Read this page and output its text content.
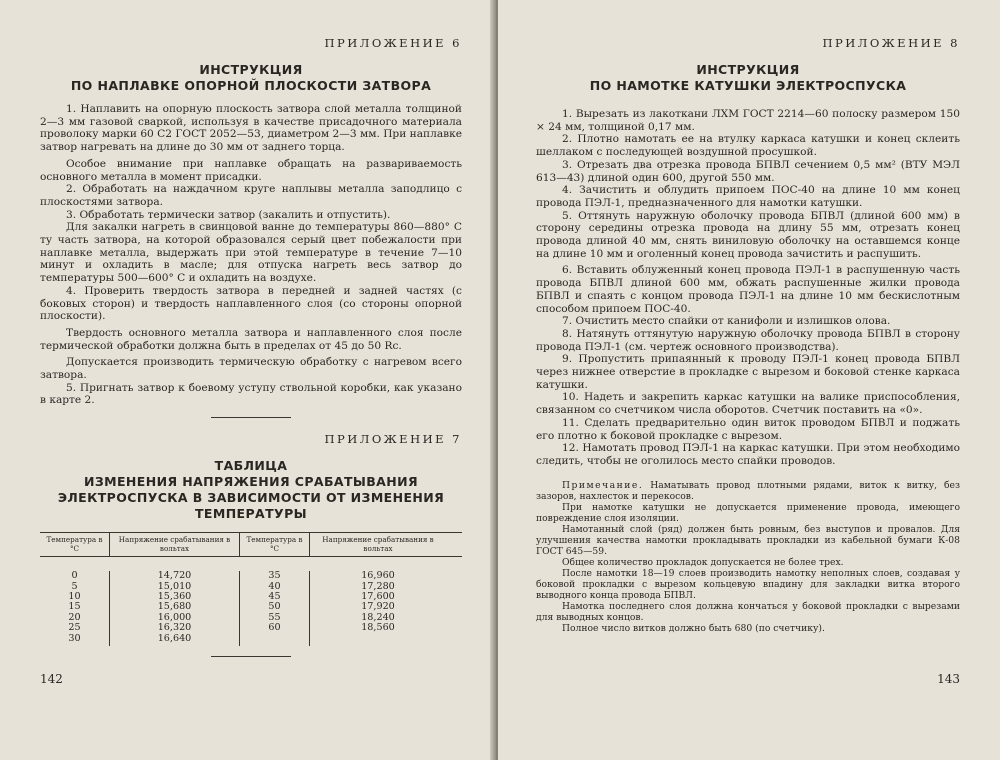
ПРИЛОЖЕНИЕ 6
ИНСТРУКЦИЯ
ПО НАПЛАВКЕ ОПОРНОЙ ПЛОСКОСТИ ЗАТВОРА

1. Наплавить на опорную плоскость затвора слой металла толщиной 2—3 мм газовой сваркой, используя в качестве присадочного материала проволоку марки 60 С2 ГОСТ 2052—53, диаметром 2—3 мм. При наплавке затвор нагревать на длине до 30 мм от заднего торца.

Особое внимание при наплавке обращать на развариваемость основного металла в момент присадки.

2. Обработать на наждачном круге наплывы металла заподлицо с плоскостями затвора.

3. Обработать термически затвор (закалить и отпустить).

Для закалки нагреть в свинцовой ванне до температуры 860—880° С ту часть затвора, на которой образовался серый цвет побежалости при наплавке металла, выдержать при этой температуре в течение 7—10 минут и охладить в масле; для отпуска нагреть весь затвор до температуры 500—600° С и охладить на воздухе.

4. Проверить твердость затвора в передней и задней частях (с боковых сторон) и твердость наплавленного слоя (со стороны опорной плоскости).

Твердость основного металла затвора и наплавленного слоя после термической обработки должна быть в пределах от 45 до 50 Rc.

Допускается производить термическую обработку с нагревом всего затвора.

5. Пригнать затвор к боевому уступу ствольной коробки, как указано в карте 2.

ПРИЛОЖЕНИЕ 7
ТАБЛИЦА
ИЗМЕНЕНИЯ НАПРЯЖЕНИЯ СРАБАТЫВАНИЯ
ЭЛЕКТРОСПУСКА В ЗАВИСИМОСТИ ОТ ИЗМЕНЕНИЯ
ТЕМПЕРАТУРЫ
Температура в °С
Напряжение срабатывания в вольтах
Температура в °С
Напряжение срабатывания в вольтах
0
5
10
15
20
25
30
14,720
15,010
15,360
15,680
16,000
16,320
16,640
35
40
45
50
55
60
16,960
17,280
17,600
17,920
18,240
18,560
142
ПРИЛОЖЕНИЕ 8
ИНСТРУКЦИЯ
ПО НАМОТКЕ КАТУШКИ ЭЛЕКТРОСПУСКА

1. Вырезать из лакоткани ЛХМ ГОСТ 2214—60 полоску размером 150 × 24 мм, толщиной 0,17 мм.

2. Плотно намотать ее на втулку каркаса катушки и конец склеить шеллаком с последующей воздушной просушкой.

3. Отрезать два отрезка провода БПВЛ сечением 0,5 мм² (ВТУ МЭЛ 613—43) длиной один 600, другой 550 мм.

4. Зачистить и облудить припоем ПОС-40 на длине 10 мм конец провода ПЭЛ-1, предназначенного для намотки катушки.

5. Оттянуть наружную оболочку провода БПВЛ (длиной 600 мм) в сторону середины отрезка провода на длину 55 мм, отрезать конец провода длиной 40 мм, снять виниловую оболочку на оставшемся конце на длине 10 мм и оголенный конец провода зачистить и распушить.

6. Вставить облуженный конец провода ПЭЛ-1 в распушенную часть провода БПВЛ длиной 600 мм, обжать распушенные жилки провода БПВЛ и спаять с концом провода ПЭЛ-1 на длине 10 мм бескислотным способом припоем ПОС-40.

7. Очистить место спайки от канифоли и излишков олова.

8. Натянуть оттянутую наружную оболочку провода БПВЛ в сторону провода ПЭЛ-1 (см. чертеж основного производства).

9. Пропустить припаянный к проводу ПЭЛ-1 конец провода БПВЛ через нижнее отверстие в прокладке с вырезом и боковой стенке каркаса катушки.

10. Надеть и закрепить каркас катушки на валике приспособления, связанном со счетчиком числа оборотов. Счетчик поставить на «0».

11. Сделать предварительно один виток проводом БПВЛ и поджать его плотно к боковой прокладке с вырезом.

12. Намотать провод ПЭЛ-1 на каркас катушки. При этом необходимо следить, чтобы не оголилось место спайки проводов.

Примечание. Наматывать провод плотными рядами, виток к витку, без зазоров, нахлесток и перекосов.

При намотке катушки не допускается применение провода, имеющего повреждение слоя изоляции.

Намотанный слой (ряд) должен быть ровным, без выступов и провалов. Для улучшения качества намотки прокладывать прокладки из кабельной бумаги К-08 ГОСТ 645—59.

Общее количество прокладок допускается не более трех.

После намотки 18—19 слоев производить намотку неполных слоев, создавая у боковой прокладки с вырезом кольцевую впадину для закладки витка второго выводного конца провода БПВЛ.

Намотка последнего слоя должна кончаться у боковой прокладки с вырезами для выводных концов.

Полное число витков должно быть 680 (по счетчику).

143
